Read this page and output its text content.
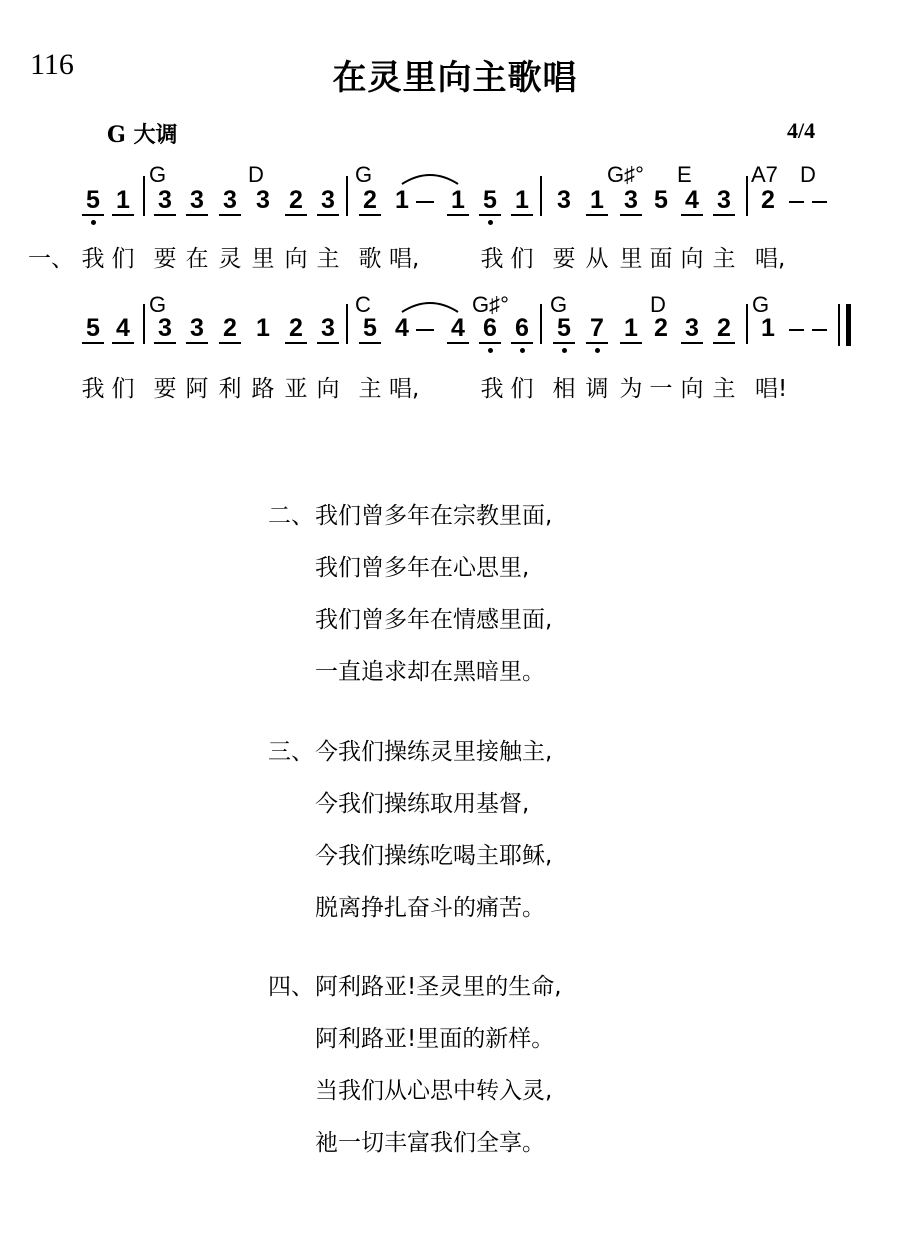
116	在灵里向主歌唱
G 大调	4/4
G	D	G	G♯° E	A7 D
5 1 3 3 3 3 2 3 2 1 1 5 1 3 1 3 5 4 3 2
一、 我 们 要 在 灵 里 向 主 歌 唱,	我 们 要 从 里 面 向 主 唱,
G	C	G♯° G	D	G
5 4 3 3 2 1 2 3 5 4 4 6 6 5 7 1 2 3 2 1
我 们 要 阿 利 路 亚 向 主 唱,	我 们 相 调 为 一 向 主 唱!
二、 我们曾多年在宗教里面,
我们曾多年在心思里,
我们曾多年在情感里面,
一直追求却在黑暗里。
三、 今我们操练灵里接触主,
今我们操练取用基督,
今我们操练吃喝主耶稣,
脱离挣扎奋斗的痛苦。
四、 阿利路亚!圣灵里的生命,
阿利路亚!里面的新样。
当我们从心思中转入灵,
祂一切丰富我们全享。
